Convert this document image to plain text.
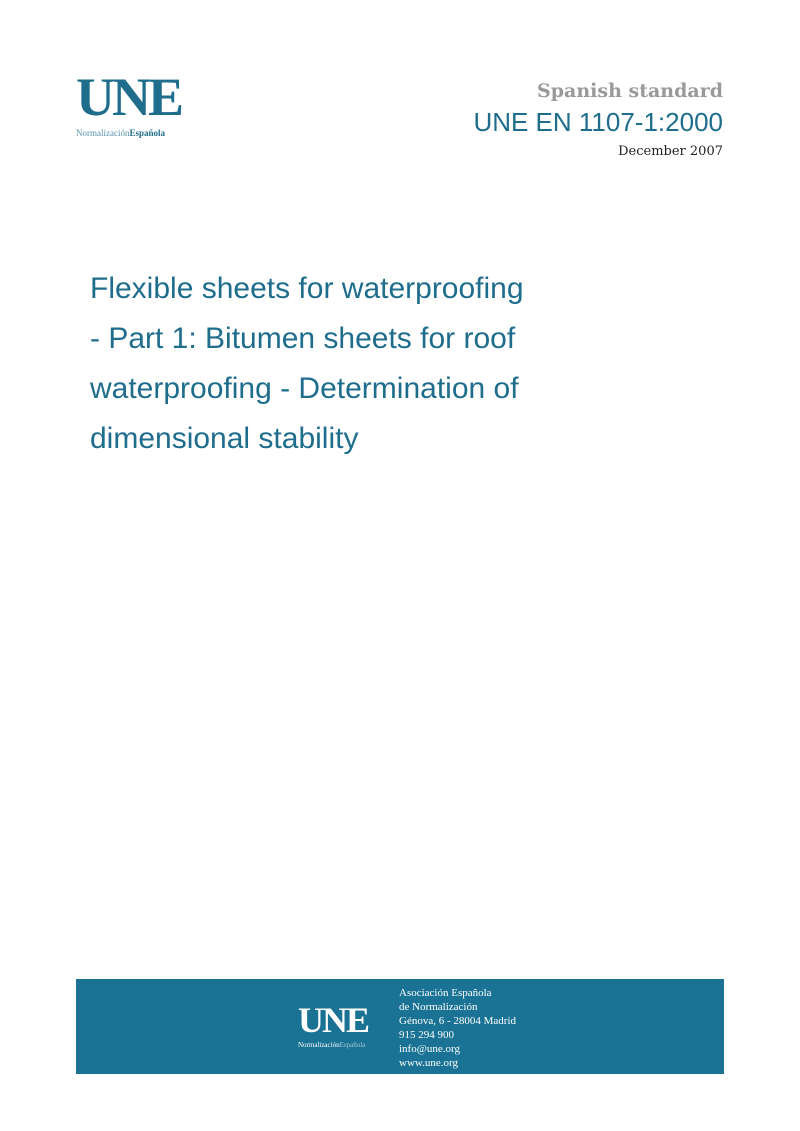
UNE
NormalizaciónEspañola
Spanish standard
UNE EN 1107-1:2000
December 2007
Flexible sheets for waterproofing
- Part 1: Bitumen sheets for roof
waterproofing - Determination of
dimensional stability
UNE
NormalizaciónEspañola
Asociación Española
de Normalización
Génova, 6 - 28004 Madrid
915 294 900
info@une.org
www.une.org
